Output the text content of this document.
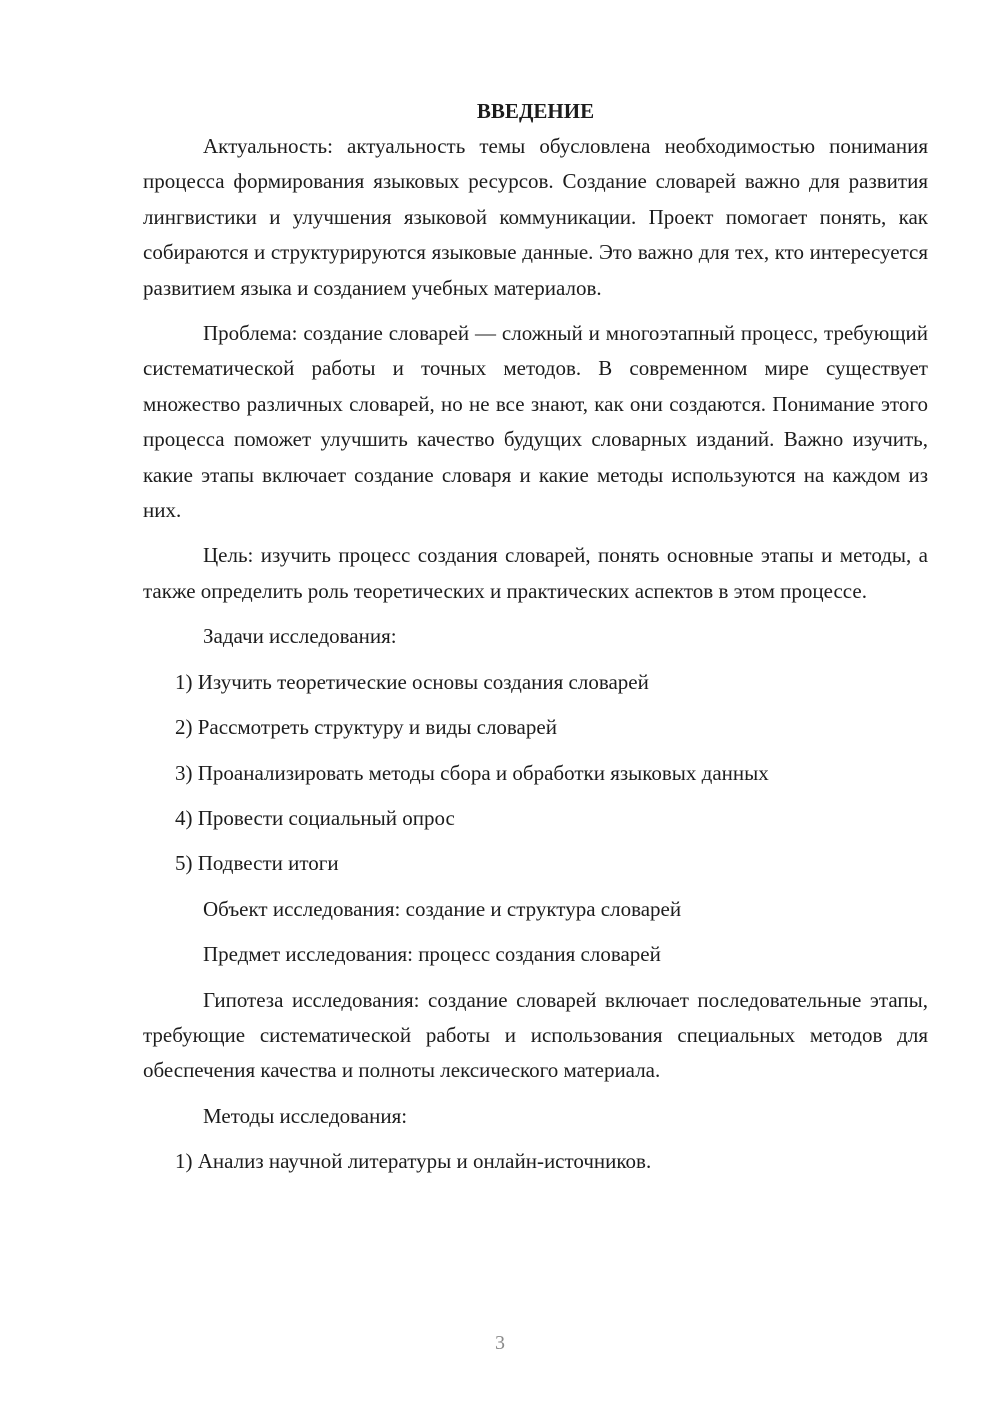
ВВЕДЕНИЕ

Актуальность: актуальность темы обусловлена необходимостью понимания процесса формирования языковых ресурсов. Создание словарей важно для развития лингвистики и улучшения языковой коммуникации. Проект помогает понять, как собираются и структурируются языковые данные. Это важно для тех, кто интересуется развитием языка и созданием учебных материалов.

Проблема: создание словарей — сложный и многоэтапный процесс, требующий систематической работы и точных методов. В современном мире существует множество различных словарей, но не все знают, как они создаются. Понимание этого процесса поможет улучшить качество будущих словарных изданий. Важно изучить, какие этапы включает создание словаря и какие методы используются на каждом из них.

Цель: изучить процесс создания словарей, понять основные этапы и методы, а также определить роль теоретических и практических аспектов в этом процессе.

Задачи исследования:

1) Изучить теоретические основы создания словарей

2) Рассмотреть структуру и виды словарей

3) Проанализировать методы сбора и обработки языковых данных

4) Провести социальный опрос

5) Подвести итоги

Объект исследования: создание и структура словарей

Предмет исследования: процесс создания словарей

Гипотеза исследования: создание словарей включает последовательные этапы, требующие систематической работы и использования специальных методов для обеспечения качества и полноты лексического материала.

Методы исследования:

1) Анализ научной литературы и онлайн-источников.

3
